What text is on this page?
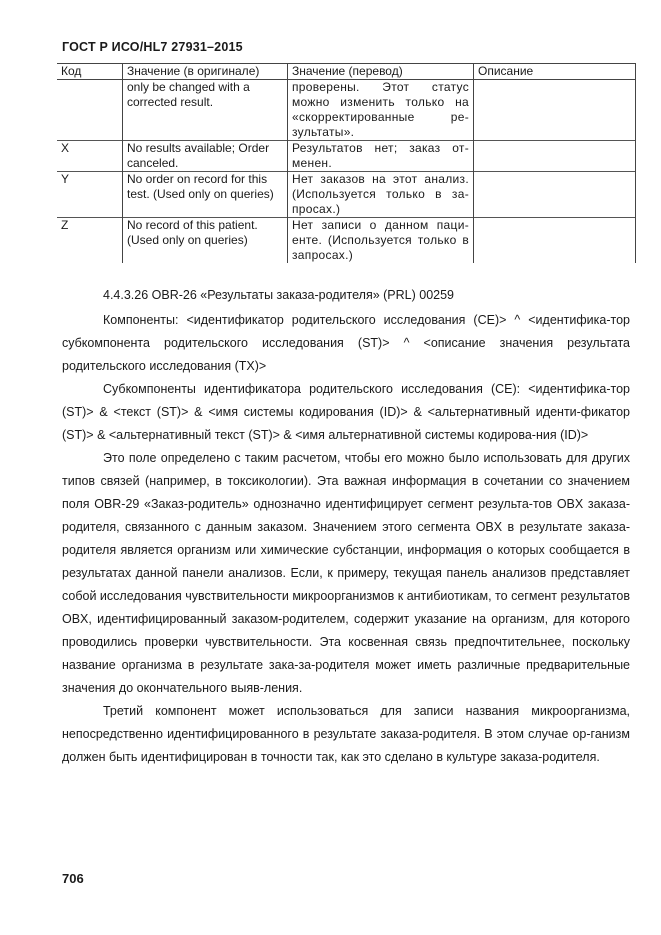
ГОСТ Р ИСО/HL7 27931–2015
Код	Значение (в оригинале)	Значение (перевод)	Описание
	only be changed with a corrected result.	проверены. Этот статус можно изменить только на «скорректированные ре-зультаты».	
X	No results available; Order canceled.	Результатов нет; заказ от-менен.	
Y	No order on record for this test. (Used only on queries)	Нет заказов на этот анализ. (Используется только в за-просах.)	
Z	No record of this patient. (Used only on queries)	Нет записи о данном паци-енте. (Используется только в запросах.)	
4.4.3.26 OBR-26 «Результаты заказа-родителя» (PRL) 00259

Компоненты: <идентификатор родительского исследования (CE)> ^ <идентифика-тор субкомпонента родительского исследования (ST)> ^ <описание значения результата родительского исследования (TX)>

Субкомпоненты идентификатора родительского исследования (CE): <идентифика-тор (ST)> & <текст (ST)> & <имя системы кодирования (ID)> & <альтернативный иденти-фикатор (ST)> & <альтернативный текст (ST)> & <имя альтернативной системы кодирова-ния (ID)>

Это поле определено с таким расчетом, чтобы его можно было использовать для других типов связей (например, в токсикологии). Эта важная информация в сочетании со значением поля OBR-29 «Заказ-родитель» однозначно идентифицирует сегмент результа-тов OBX заказа-родителя, связанного с данным заказом. Значением этого сегмента OBX в результате заказа-родителя является организм или химические субстанции, информация о которых сообщается в результатах данной панели анализов. Если, к примеру, текущая панель анализов представляет собой исследования чувствительности микроорганизмов к антибиотикам, то сегмент результатов OBX, идентифицированный заказом-родителем, содержит указание на организм, для которого проводились проверки чувствительности. Эта косвенная связь предпочтительнее, поскольку название организма в результате зака-за-родителя может иметь различные предварительные значения до окончательного выяв-ления.

Третий компонент может использоваться для записи названия микроорганизма, непосредственно идентифицированного в результате заказа-родителя. В этом случае ор-ганизм должен быть идентифицирован в точности так, как это сделано в культуре заказа-родителя.

706
